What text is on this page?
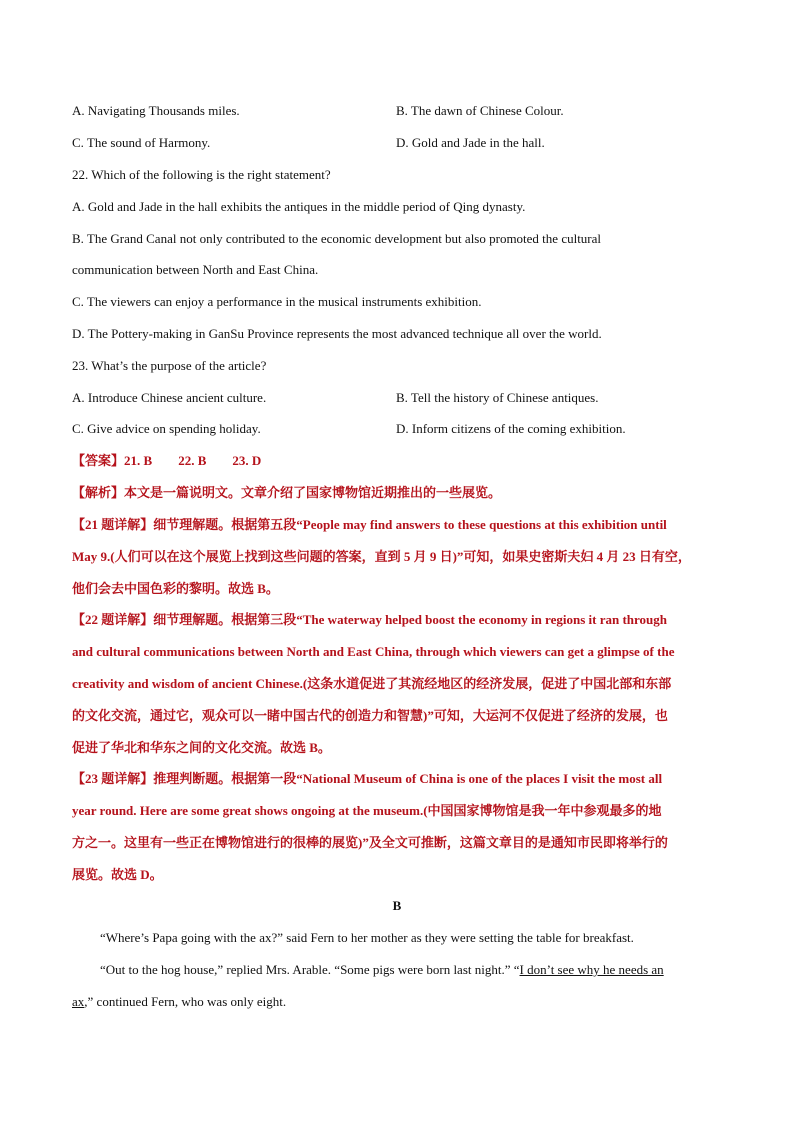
A. Navigating Thousands miles.	B. The dawn of Chinese Colour.
C. The sound of Harmony.	D. Gold and Jade in the hall.
22. Which of the following is the right statement?
A. Gold and Jade in the hall exhibits the antiques in the middle period of Qing dynasty.
B. The Grand Canal not only contributed to the economic development but also promoted the cultural
communication between North and East China.
C. The viewers can enjoy a performance in the musical instruments exhibition.
D. The Pottery-making in GanSu Province represents the most advanced technique all over the world.
23. What’s the purpose of the article?
A. Introduce Chinese ancient culture.	B. Tell the history of Chinese antiques.
C. Give advice on spending holiday.	D. Inform citizens of the coming exhibition.
【答案】21. B 22. B 23. D
【解析】本文是一篇说明文。文章介绍了国家博物馆近期推出的一些展览。
【21 题详解】细节理解题。根据第五段“People may find answers to these questions at this exhibition until
May 9.(人们可以在这个展览上找到这些问题的答案，直到 5 月 9 日)”可知，如果史密斯夫妇 4 月 23 日有空，
他们会去中国色彩的黎明。故选 B。
【22 题详解】细节理解题。根据第三段“The waterway helped boost the economy in regions it ran through
and cultural communications between North and East China, through which viewers can get a glimpse of the
creativity and wisdom of ancient Chinese.(这条水道促进了其流经地区的经济发展，促进了中国北部和东部
的文化交流，通过它，观众可以一睹中国古代的创造力和智慧)”可知，大运河不仅促进了经济的发展，也
促进了华北和华东之间的文化交流。故选 B。
【23 题详解】推理判断题。根据第一段“National Museum of China is one of the places I visit the most all
year round. Here are some great shows ongoing at the museum.(中国国家博物馆是我一年中参观最多的地
方之一。这里有一些正在博物馆进行的很棒的展览)”及全文可推断，这篇文章目的是通知市民即将举行的
展览。故选 D。
B
“Where’s Papa going with the ax?” said Fern to her mother as they were setting the table for breakfast.
“Out to the hog house,” replied Mrs. Arable. “Some pigs were born last night.” “I don’t see why he needs an
ax,” continued Fern, who was only eight.
